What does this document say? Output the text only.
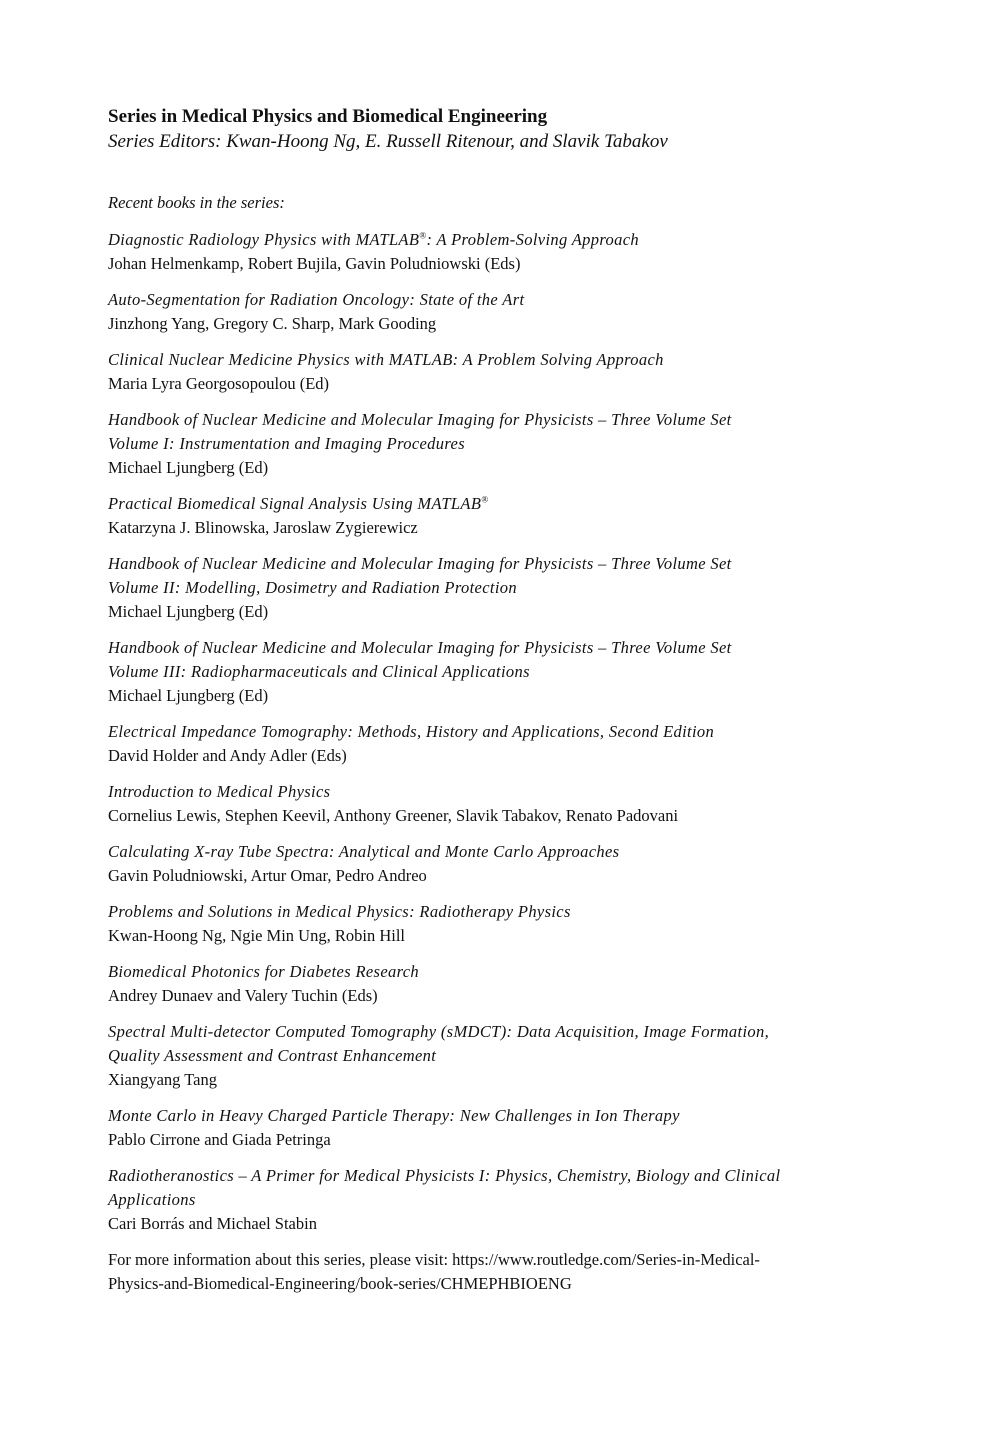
Series in Medical Physics and Biomedical Engineering
Series Editors: Kwan-Hoong Ng, E. Russell Ritenour, and Slavik Tabakov
Recent books in the series:
Diagnostic Radiology Physics with MATLAB®: A Problem-Solving Approach
Johan Helmenkamp, Robert Bujila, Gavin Poludniowski (Eds)
Auto-Segmentation for Radiation Oncology: State of the Art
Jinzhong Yang, Gregory C. Sharp, Mark Gooding
Clinical Nuclear Medicine Physics with MATLAB: A Problem Solving Approach
Maria Lyra Georgosopoulou (Ed)
Handbook of Nuclear Medicine and Molecular Imaging for Physicists – Three Volume Set
Volume I: Instrumentation and Imaging Procedures
Michael Ljungberg (Ed)
Practical Biomedical Signal Analysis Using MATLAB®
Katarzyna J. Blinowska, Jaroslaw Zygierewicz
Handbook of Nuclear Medicine and Molecular Imaging for Physicists – Three Volume Set
Volume II: Modelling, Dosimetry and Radiation Protection
Michael Ljungberg (Ed)
Handbook of Nuclear Medicine and Molecular Imaging for Physicists – Three Volume Set
Volume III: Radiopharmaceuticals and Clinical Applications
Michael Ljungberg (Ed)
Electrical Impedance Tomography: Methods, History and Applications, Second Edition
David Holder and Andy Adler (Eds)
Introduction to Medical Physics
Cornelius Lewis, Stephen Keevil, Anthony Greener, Slavik Tabakov, Renato Padovani
Calculating X-ray Tube Spectra: Analytical and Monte Carlo Approaches
Gavin Poludniowski, Artur Omar, Pedro Andreo
Problems and Solutions in Medical Physics: Radiotherapy Physics
Kwan-Hoong Ng, Ngie Min Ung, Robin Hill
Biomedical Photonics for Diabetes Research
Andrey Dunaev and Valery Tuchin (Eds)
Spectral Multi-detector Computed Tomography (sMDCT): Data Acquisition, Image Formation,
Quality Assessment and Contrast Enhancement
Xiangyang Tang
Monte Carlo in Heavy Charged Particle Therapy: New Challenges in Ion Therapy
Pablo Cirrone and Giada Petringa
Radiotheranostics – A Primer for Medical Physicists I: Physics, Chemistry, Biology and Clinical
Applications
Cari Borrás and Michael Stabin
For more information about this series, please visit: https://www.routledge.com/Series-in-Medical-
Physics-and-Biomedical-Engineering/book-series/CHMEPHBIOENG
